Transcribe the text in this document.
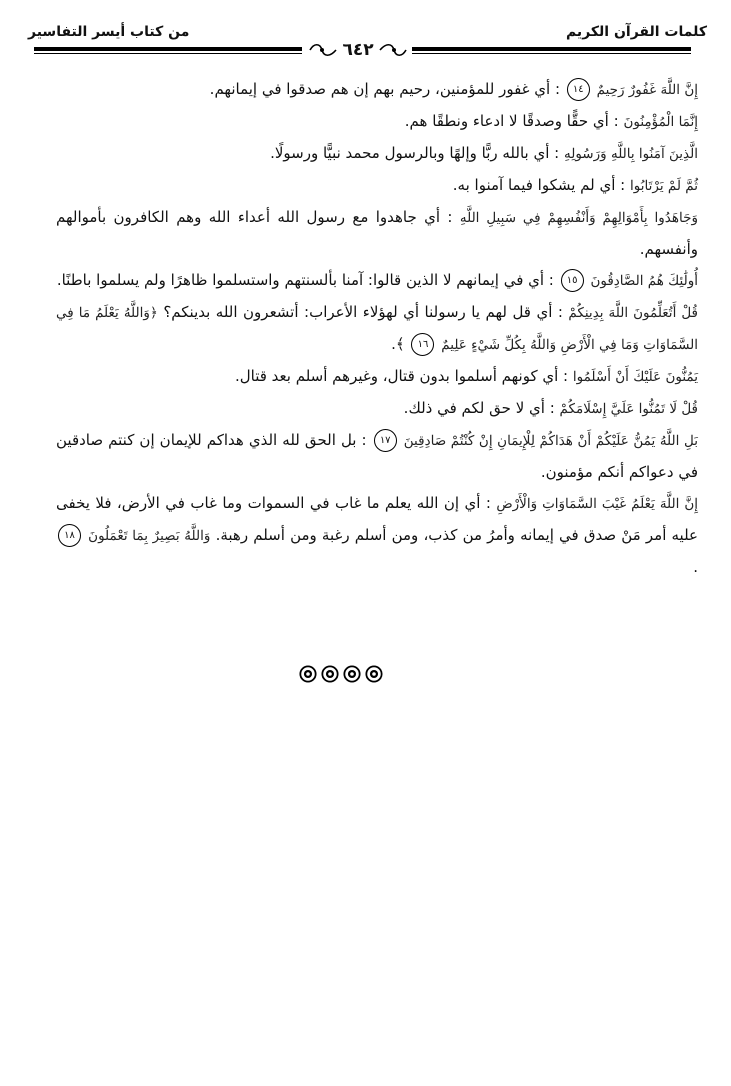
كلمات القرآن الكريم
من كتاب أيسر التفاسير
٦٤٢

إِنَّ اللَّهَ غَفُورٌ رَحِيمٌ ١٤ : أي غفور للمؤمنين، رحيم بهم إن هم صدقوا في إيمانهم.

إِنَّمَا الْمُؤْمِنُونَ : أي حقًّا وصدقًا لا ادعاء ونطقًا هم.

الَّذِينَ آمَنُوا بِاللَّهِ وَرَسُولِهِ : أي بالله ربًّا وإلهًا وبالرسول محمد نبيًّا ورسولًا.

ثُمَّ لَمْ يَرْتَابُوا : أي لم يشكوا فيما آمنوا به.

وَجَاهَدُوا بِأَمْوَالِهِمْ وَأَنْفُسِهِمْ فِي سَبِيلِ اللَّهِ : أي جاهدوا مع رسول الله أعداء الله وهم الكافرون بأموالهم وأنفسهم.

أُولَٰئِكَ هُمُ الصَّادِقُونَ ١٥ : أي في إيمانهم لا الذين قالوا: آمنا بألسنتهم واستسلموا ظاهرًا ولم يسلموا باطنًا.

قُلْ أَتُعَلِّمُونَ اللَّهَ بِدِينِكُمْ : أي قل لهم يا رسولنا أي لهؤلاء الأعراب: أتشعرون الله بدينكم؟ ﴿وَاللَّهُ يَعْلَمُ مَا فِي السَّمَاوَاتِ وَمَا فِي الْأَرْضِ وَاللَّهُ بِكُلِّ شَيْءٍ عَلِيمٌ ١٦ ﴾.

يَمُنُّونَ عَلَيْكَ أَنْ أَسْلَمُوا : أي كونهم أسلموا بدون قتال، وغيرهم أسلم بعد قتال.

قُلْ لَا تَمُنُّوا عَلَيَّ إِسْلَامَكُمْ : أي لا حق لكم في ذلك.

بَلِ اللَّهُ يَمُنُّ عَلَيْكُمْ أَنْ هَدَاكُمْ لِلْإِيمَانِ إِنْ كُنْتُمْ صَادِقِينَ ١٧ : بل الحق لله الذي هداكم للإيمان إن كنتم صادقين في دعواكم أنكم مؤمنون.

إِنَّ اللَّهَ يَعْلَمُ غَيْبَ السَّمَاوَاتِ وَالْأَرْضِ : أي إن الله يعلم ما غاب في السموات وما غاب في الأرض، فلا يخفى عليه أمر مَنْ صدق في إيمانه وأمرُ من كذب، ومن أسلم رغبة ومن أسلم رهبة. وَاللَّهُ بَصِيرٌ بِمَا تَعْمَلُونَ ١٨ .
